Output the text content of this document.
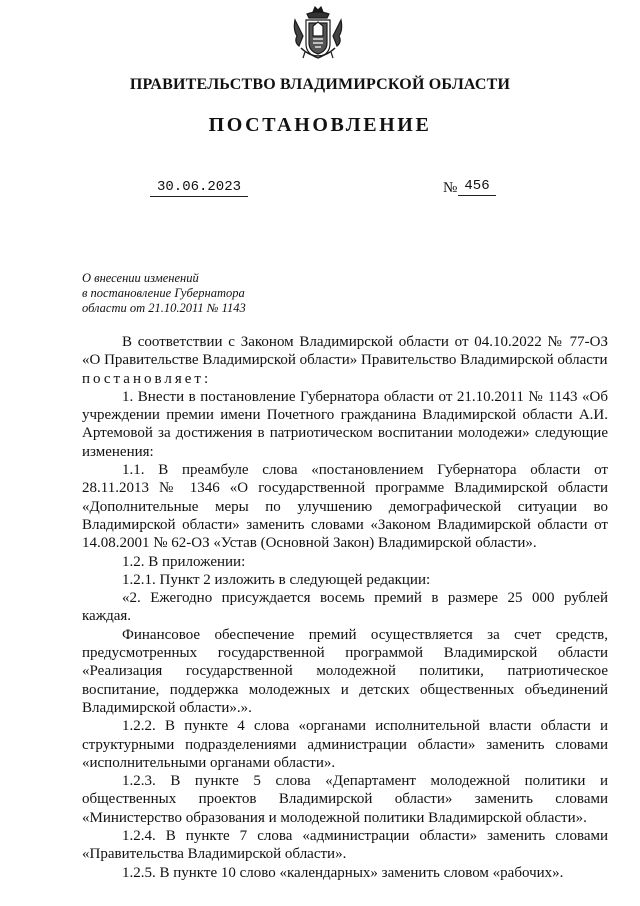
ПРАВИТЕЛЬСТВО ВЛАДИМИРСКОЙ ОБЛАСТИ
ПОСТАНОВЛЕНИЕ
30.06.2023	№ 456
О внесении изменений
в постановление Губернатора
области от 21.10.2011 № 1143

В соответствии с Законом Владимирской области от 04.10.2022 № 77-ОЗ «О Правительстве Владимирской области» Правительство Владимирской области

постановляет:

1. Внести в постановление Губернатора области от 21.10.2011 № 1143 «Об учреждении премии имени Почетного гражданина Владимирской области А.И. Артемовой за достижения в патриотическом воспитании молодежи» следующие изменения:

1.1. В преамбуле слова «постановлением Губернатора области от 28.11.2013 № 1346 «О государственной программе Владимирской области «Дополнительные меры по улучшению демографической ситуации во Владимирской области» заменить словами «Законом Владимирской области от 14.08.2001 № 62-ОЗ «Устав (Основной Закон) Владимирской области».

1.2. В приложении:

1.2.1. Пункт 2 изложить в следующей редакции:

«2. Ежегодно присуждается восемь премий в размере 25 000 рублей каждая.

Финансовое обеспечение премий осуществляется за счет средств, предусмотренных государственной программой Владимирской области «Реализация государственной молодежной политики, патриотическое воспитание, поддержка молодежных и детских общественных объединений Владимирской области».».

1.2.2. В пункте 4 слова «органами исполнительной власти области и структурными подразделениями администрации области» заменить словами «исполнительными органами области».

1.2.3. В пункте 5 слова «Департамент молодежной политики и общественных проектов Владимирской области» заменить словами «Министерство образования и молодежной политики Владимирской области».

1.2.4. В пункте 7 слова «администрации области» заменить словами «Правительства Владимирской области».

1.2.5. В пункте 10 слово «календарных» заменить словом «рабочих».
